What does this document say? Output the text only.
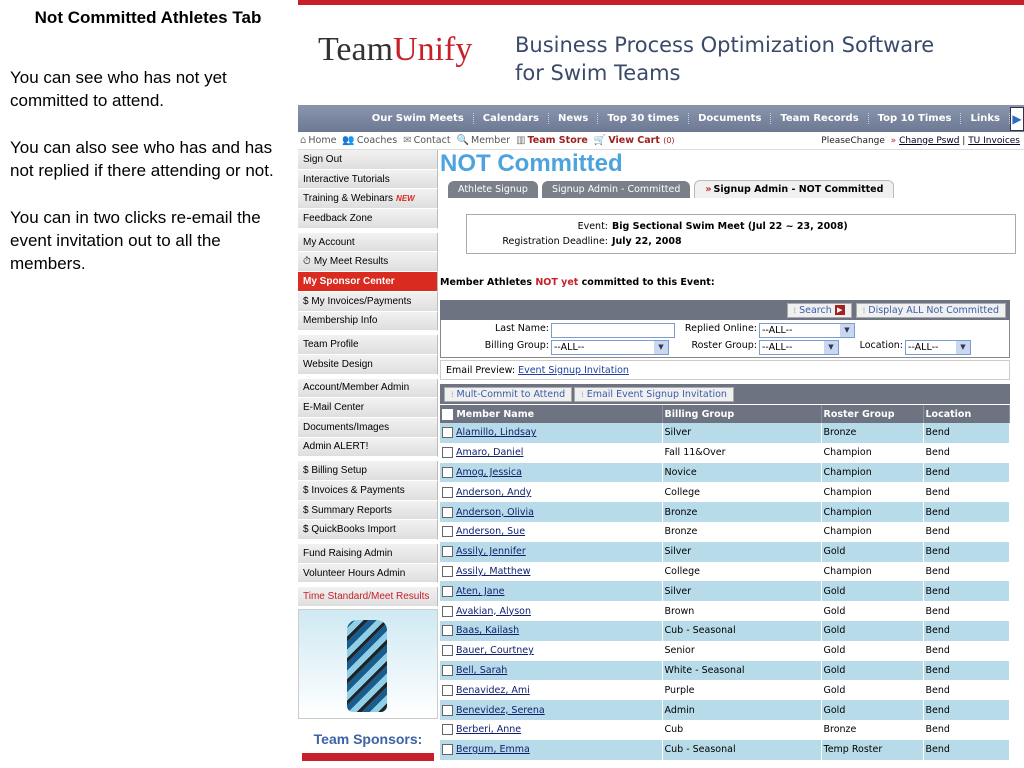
Not Committed Athletes Tab

You can see who has not yet committed to attend.

You can also see who has and has not replied if there attending or not.

You can in two clicks re-email the event invitation out to all the members.

TeamUnify Business Process Optimization Software
for Swim Teams
Our Swim Meets	Calendars	News	Top 30 times	Documents	Team Records	Top 10 Times	Links	▶
⌂ Home 👥 Coaches ✉ Contact 🔍 Member ▥ Team Store 🛒 View Cart
(0)	PleaseChange » Change Pswd | TU Invoices
Sign Out
Interactive Tutorials
Training & Webinars NEW
Feedback Zone
My Account
⏱ My Meet Results
My Sponsor Center
$ My Invoices/Payments
Membership Info
Team Profile
Website Design
Account/Member Admin
E-Mail Center
Documents/Images
Admin ALERT!
$ Billing Setup
$ Invoices & Payments
$ Summary Reports
$ QuickBooks Import
Fund Raising Admin
Volunteer Hours Admin
Time Standard/Meet Results
Team Sponsors:
NOT Committed
Athlete Signup	Signup Admin - Committed	» Signup Admin - NOT Committed
Event: Big Sectional Swim Meet (Jul 22 ~ 23, 2008)
Registration Deadline: July 22, 2008
Member Athletes NOT yet committed to this Event:
⁞ Search ▶	⁞ Display ALL Not Committed
Last Name:	Replied Online: --ALL--	▼
Billing Group: --ALL--	▼	Roster Group: --ALL--	▼	Location: --ALL--	▼
Email Preview: Event Signup Invitation
⁞ Mult-Commit to Attend ⁞ Email Event Signup Invitation
Member Name	Billing Group	Roster Group	Location
Alamillo, Lindsay	Silver	Bronze	Bend
Amaro, Daniel	Fall 11&Over	Champion	Bend
Amog, Jessica	Novice	Champion	Bend
Anderson, Andy	College	Champion	Bend
Anderson, Olivia	Bronze	Champion	Bend
Anderson, Sue	Bronze	Champion	Bend
Assily, Jennifer	Silver	Gold	Bend
Assily, Matthew	College	Champion	Bend
Aten, Jane	Silver	Gold	Bend
Avakian, Alyson	Brown	Gold	Bend
Baas, Kailash	Cub - Seasonal	Gold	Bend
Bauer, Courtney	Senior	Gold	Bend
Bell, Sarah	White - Seasonal	Gold	Bend
Benavidez, Ami	Purple	Gold	Bend
Benevidez, Serena	Admin	Gold	Bend
Berberi, Anne	Cub	Bronze	Bend
Bergum, Emma	Cub - Seasonal	Temp Roster	Bend
